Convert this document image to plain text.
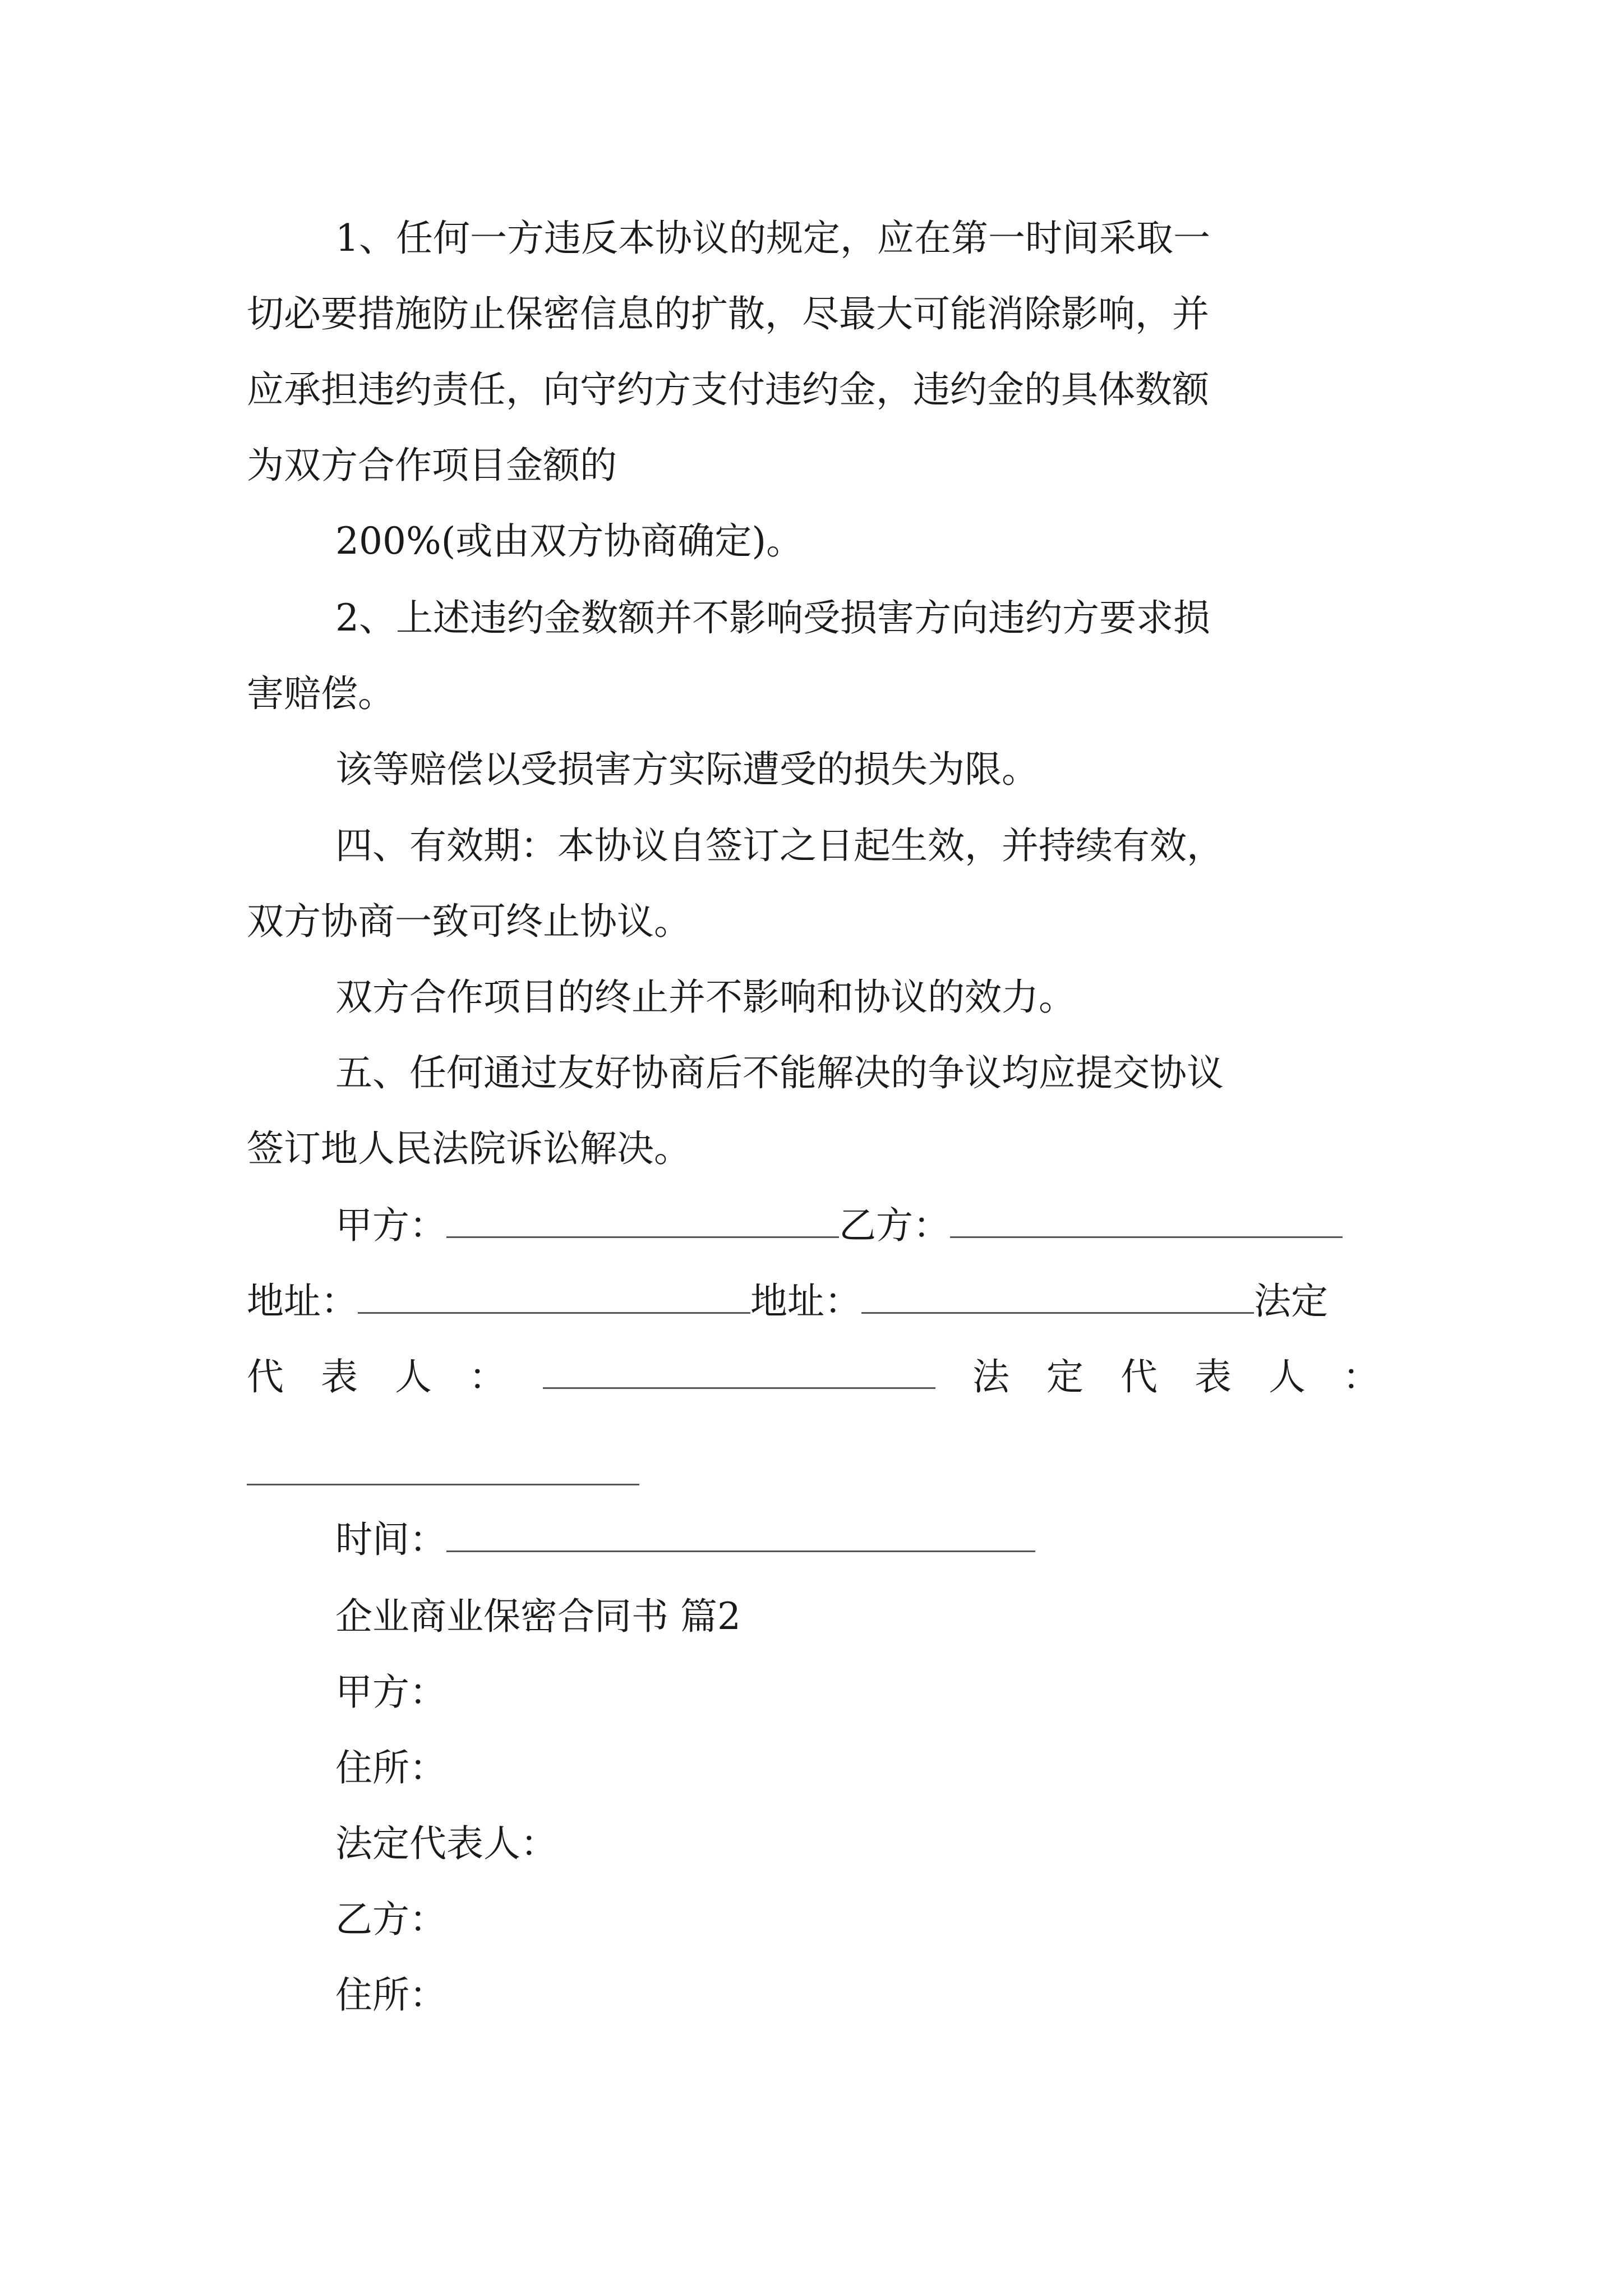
1、任何一方违反本协议的规定，应在第一时间采取一
切必要措施防止保密信息的扩散，尽最大可能消除影响，并
应承担违约责任，向守约方支付违约金，违约金的具体数额
为双方合作项目金额的
200%(或由双方协商确定)。
2、上述违约金数额并不影响受损害方向违约方要求损
害赔偿。
该等赔偿以受损害方实际遭受的损失为限。
四、有效期：本协议自签订之日起生效，并持续有效，
双方协商一致可终止协议。
双方合作项目的终止并不影响和协议的效力。
五、任何通过友好协商后不能解决的争议均应提交协议
签订地人民法院诉讼解决。
甲方：	乙方：
地址：	地址：	法定
代 表 人 ：	法 定 代 表 人 ：
时间：
企业商业保密合同书 篇2
甲方：
住所：
法定代表人：
乙方：
住所：
